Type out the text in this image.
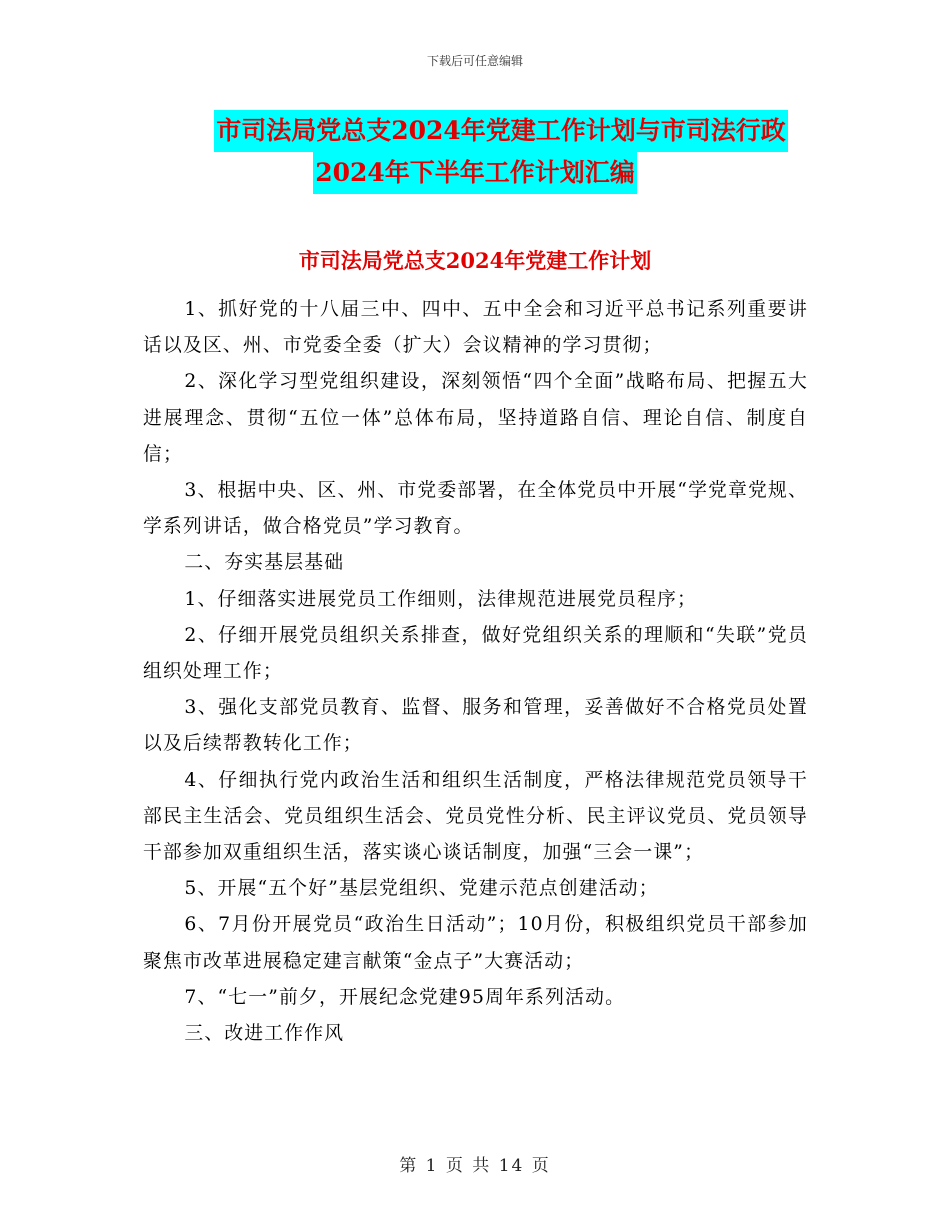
下载后可任意编辑
市司法局党总支2024年党建工作计划与市司法行政
2024年下半年工作计划汇编
市司法局党总支2024年党建工作计划

1、抓好党的十八届三中、四中、五中全会和习近平总书记系列重要讲话以及区、州、市党委全委（扩大）会议精神的学习贯彻；

2、深化学习型党组织建设，深刻领悟“四个全面”战略布局、把握五大进展理念、贯彻“五位一体”总体布局，坚持道路自信、理论自信、制度自信；

3、根据中央、区、州、市党委部署，在全体党员中开展“学党章党规、学系列讲话，做合格党员”学习教育。

二、夯实基层基础

1、仔细落实进展党员工作细则，法律规范进展党员程序；

2、仔细开展党员组织关系排查，做好党组织关系的理顺和“失联”党员组织处理工作；

3、强化支部党员教育、监督、服务和管理，妥善做好不合格党员处置以及后续帮教转化工作；

4、仔细执行党内政治生活和组织生活制度，严格法律规范党员领导干部民主生活会、党员组织生活会、党员党性分析、民主评议党员、党员领导干部参加双重组织生活，落实谈心谈话制度，加强“三会一课”；

5、开展“五个好”基层党组织、党建示范点创建活动；

6、7月份开展党员“政治生日活动”；10月份，积极组织党员干部参加聚焦市改革进展稳定建言献策“金点子”大赛活动；

7、“七一”前夕，开展纪念党建95周年系列活动。

三、改进工作作风

第 1 页 共 14 页
